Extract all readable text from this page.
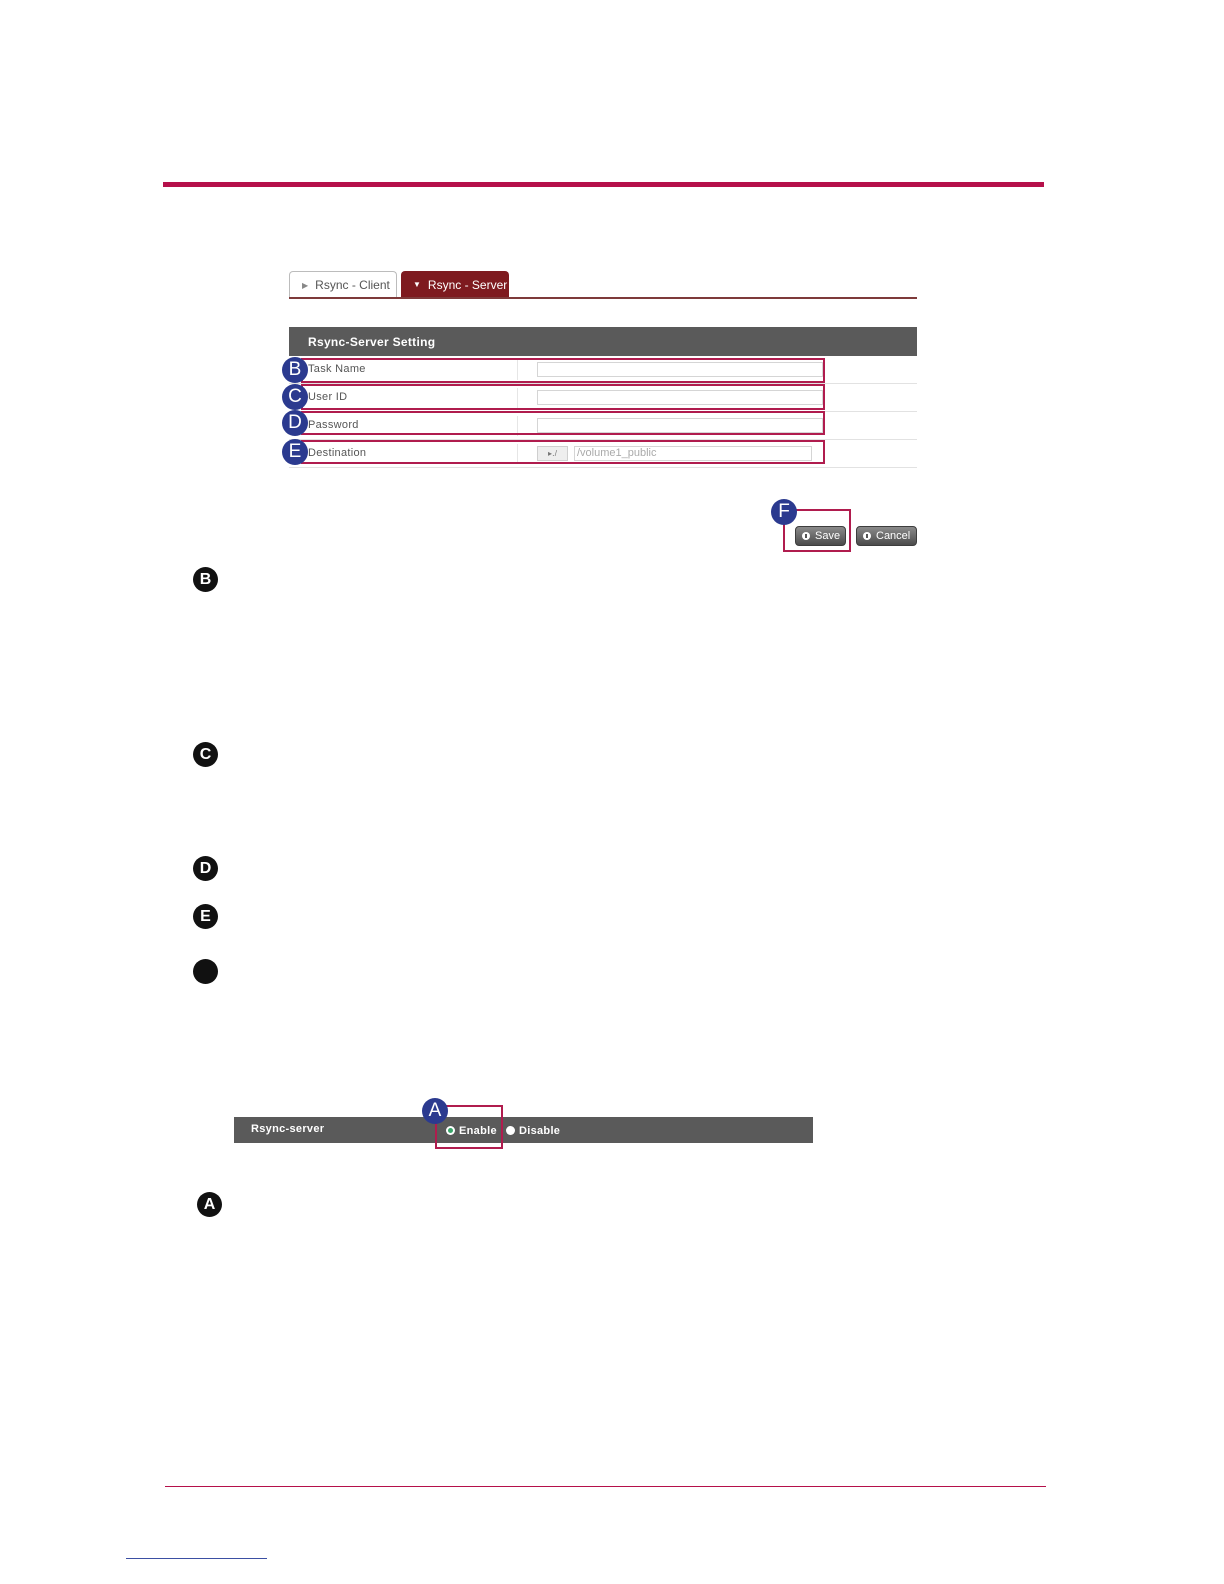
▶ Rsync - Client	▼ Rsync - Server
Rsync-Server Setting
Task Name
User ID
Password
Destination	▸․/	/volume1_public
B
C
D
E
F
Save	Cancel
B
C
D
E
Rsync-server	Enable Disable
A
A
